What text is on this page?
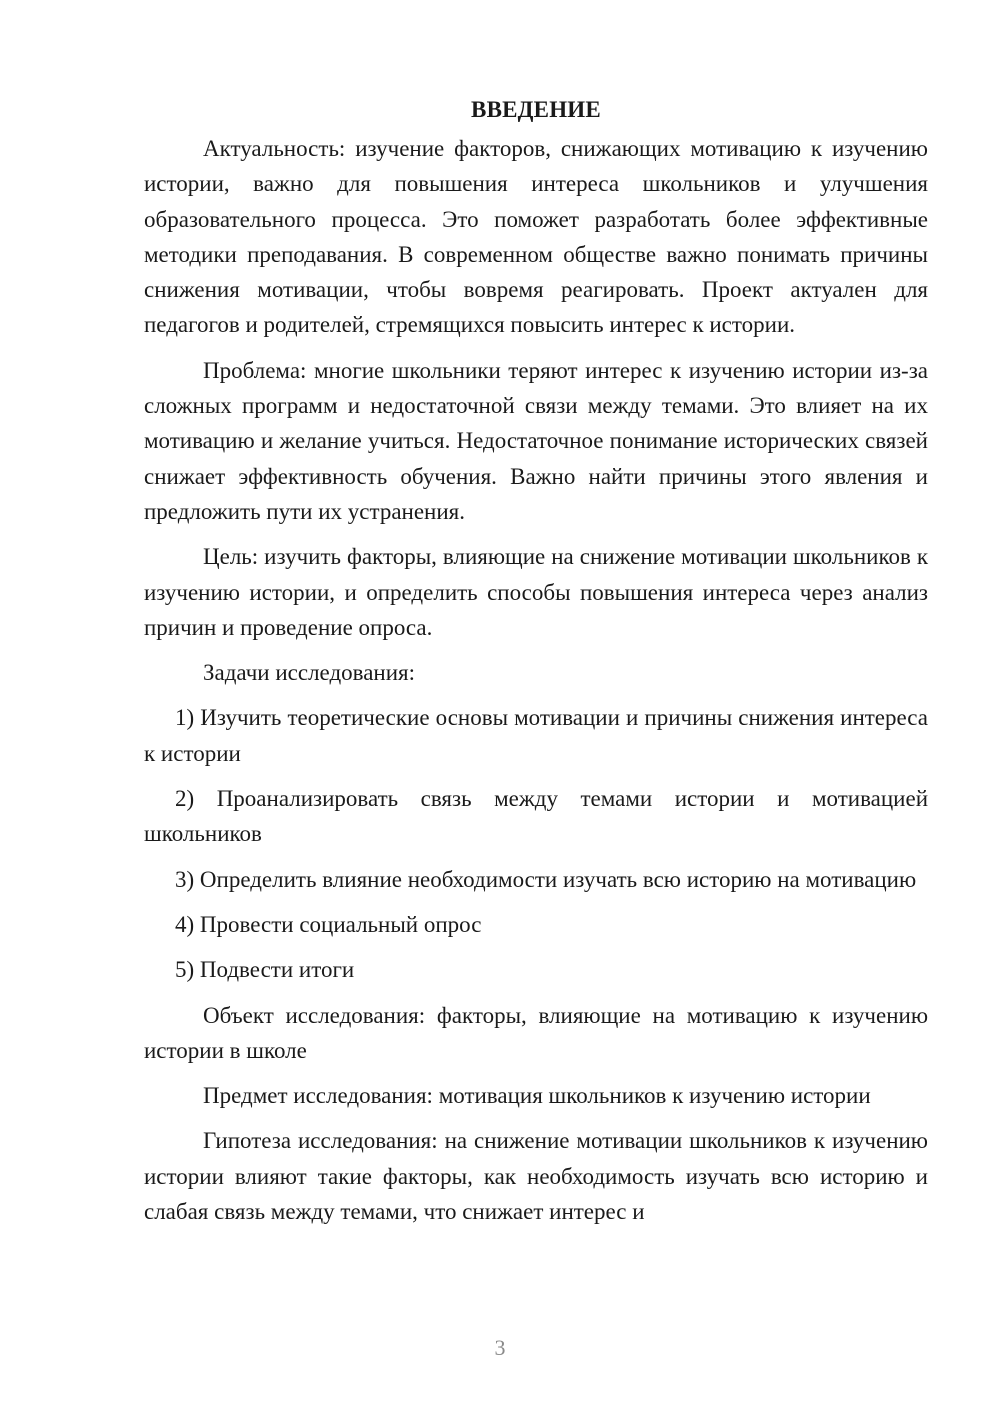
ВВЕДЕНИЕ

Актуальность: изучение факторов, снижающих мотивацию к изучению истории, важно для повышения интереса школьников и улучшения образовательного процесса. Это поможет разработать более эффективные методики преподавания. В современном обществе важно понимать причины снижения мотивации, чтобы вовремя реагировать. Проект актуален для педагогов и родителей, стремящихся повысить интерес к истории.

Проблема: многие школьники теряют интерес к изучению истории из-за сложных программ и недостаточной связи между темами. Это влияет на их мотивацию и желание учиться. Недостаточное понимание исторических связей снижает эффективность обучения. Важно найти причины этого явления и предложить пути их устранения.

Цель: изучить факторы, влияющие на снижение мотивации школьников к изучению истории, и определить способы повышения интереса через анализ причин и проведение опроса.

Задачи исследования:

1) Изучить теоретические основы мотивации и причины снижения интереса к истории

2) Проанализировать связь между темами истории и мотивацией школьников

3) Определить влияние необходимости изучать всю историю на мотивацию

4) Провести социальный опрос

5) Подвести итоги

Объект исследования: факторы, влияющие на мотивацию к изучению истории в школе

Предмет исследования: мотивация школьников к изучению истории

Гипотеза исследования: на снижение мотивации школьников к изучению истории влияют такие факторы, как необходимость изучать всю историю и слабая связь между темами, что снижает интерес и

3
